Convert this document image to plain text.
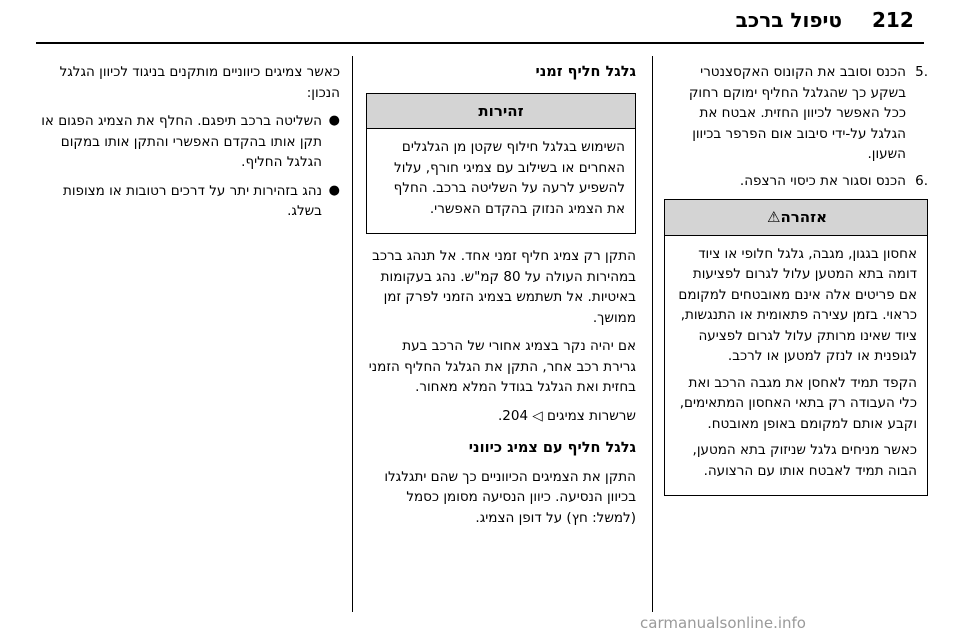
212
טיפול ברכב
.5
הכנס וסובב את הקונוס האקסצנטרי בשקע כך שהגלגל החליף ימוקם רחוק ככל האפשר לכיוון החזית. אבטח את הגלגל על-ידי סיבוב אום הפרפר בכיוון השעון.
.6
הכנס וסגור את כיסוי הרצפה.
אזהרה⚠

אחסון בגגון, מגבה, גלגל חלופי או ציוד דומה בתא המטען עלול לגרום לפציעות אם פריטים אלה אינם מאובטחים למקומם כראוי. בזמן עצירה פתאומית או התנגשות, ציוד שאינו מרותק עלול לגרום לפציעה לגופנית או לנזק למטען או לרכב.

הקפד תמיד לאחסן את מגבה הרכב ואת כלי העבודה רק בתאי האחסון המתאימים, וקבע אותם למקומם באופן מאובטח.

כאשר מניחים גלגל שניזוק בתא המטען, הבוה תמיד לאבטח אותו עם הרצועה.

גלגל חליף זמני
זהירות

השימוש בגלגל חילוף שקטן מן הגלגלים האחרים או בשילוב עם צמיגי חורף, עלול להשפיע לרעה על השליטה ברכב. החלף את הצמיג הנזוק בהקדם האפשרי.

התקן רק צמיג חליף זמני אחד. אל תנהג ברכב במהירות העולה על 80 קמ"ש. נהג בעקומות באיטיות. אל תשתמש בצמיג הזמני לפרק זמן ממושך.

אם יהיה נקר בצמיג אחורי של הרכב בעת גרירת רכב אחר, התקן את הגלגל החליף הזמני בחזית ואת הגלגל בגודל המלא מאחור.

שרשרות צמיגים ◁ 204.

גלגל חליף עם צמיג כיווני

התקן את הצמיגים הכיווניים כך שהם יתגלגלו בכיוון הנסיעה. כיוון הנסיעה מסומן כסמל (למשל: חץ) על דופן הצמיג.

כאשר צמיגים כיווניים מותקנים בניגוד לכיוון הגלגל הנכון:

●
השליטה ברכב תיפגם. החלף את הצמיג הפגום או תקן אותו בהקדם האפשרי והתקן אותו במקום הגלגל החליף.
●
נהג בזהירות יתר על דרכים רטובות או מצופות בשלג.
carmanualsonline.info
